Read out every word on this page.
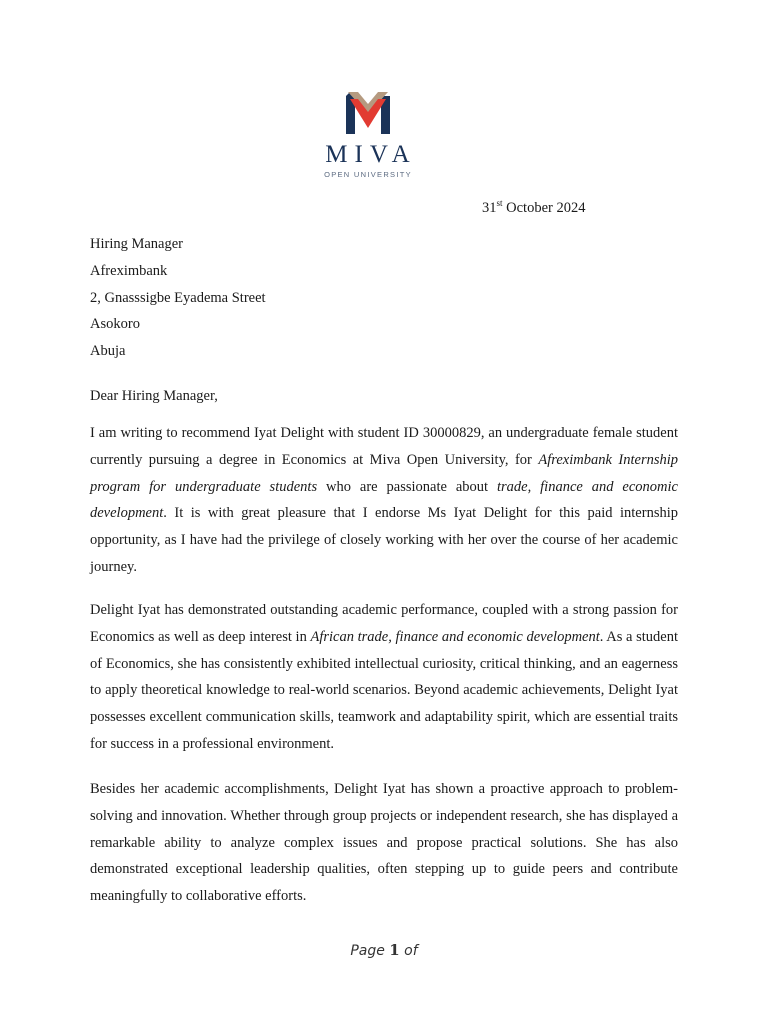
MIVA
OPEN UNIVERSITY
31st October 2024
Hiring Manager
Afreximbank
2, Gnasssigbe Eyadema Street
Asokoro
Abuja
Dear Hiring Manager,

I am writing to recommend Iyat Delight with student ID 30000829, an undergraduate female student currently pursuing a degree in Economics at Miva Open University, for Afreximbank Internship program for undergraduate students who are passionate about trade, finance and economic development. It is with great pleasure that I endorse Ms Iyat Delight for this paid internship opportunity, as I have had the privilege of closely working with her over the course of her academic journey.

Delight Iyat has demonstrated outstanding academic performance, coupled with a strong passion for Economics as well as deep interest in African trade, finance and economic development. As a student of Economics, she has consistently exhibited intellectual curiosity, critical thinking, and an eagerness to apply theoretical knowledge to real-world scenarios. Beyond academic achievements, Delight Iyat possesses excellent communication skills, teamwork and adaptability spirit, which are essential traits for success in a professional environment.

Besides her academic accomplishments, Delight Iyat has shown a proactive approach to problem-solving and innovation. Whether through group projects or independent research, she has displayed a remarkable ability to analyze complex issues and propose practical solutions. She has also demonstrated exceptional leadership qualities, often stepping up to guide peers and contribute meaningfully to collaborative efforts.

Page 1 of
